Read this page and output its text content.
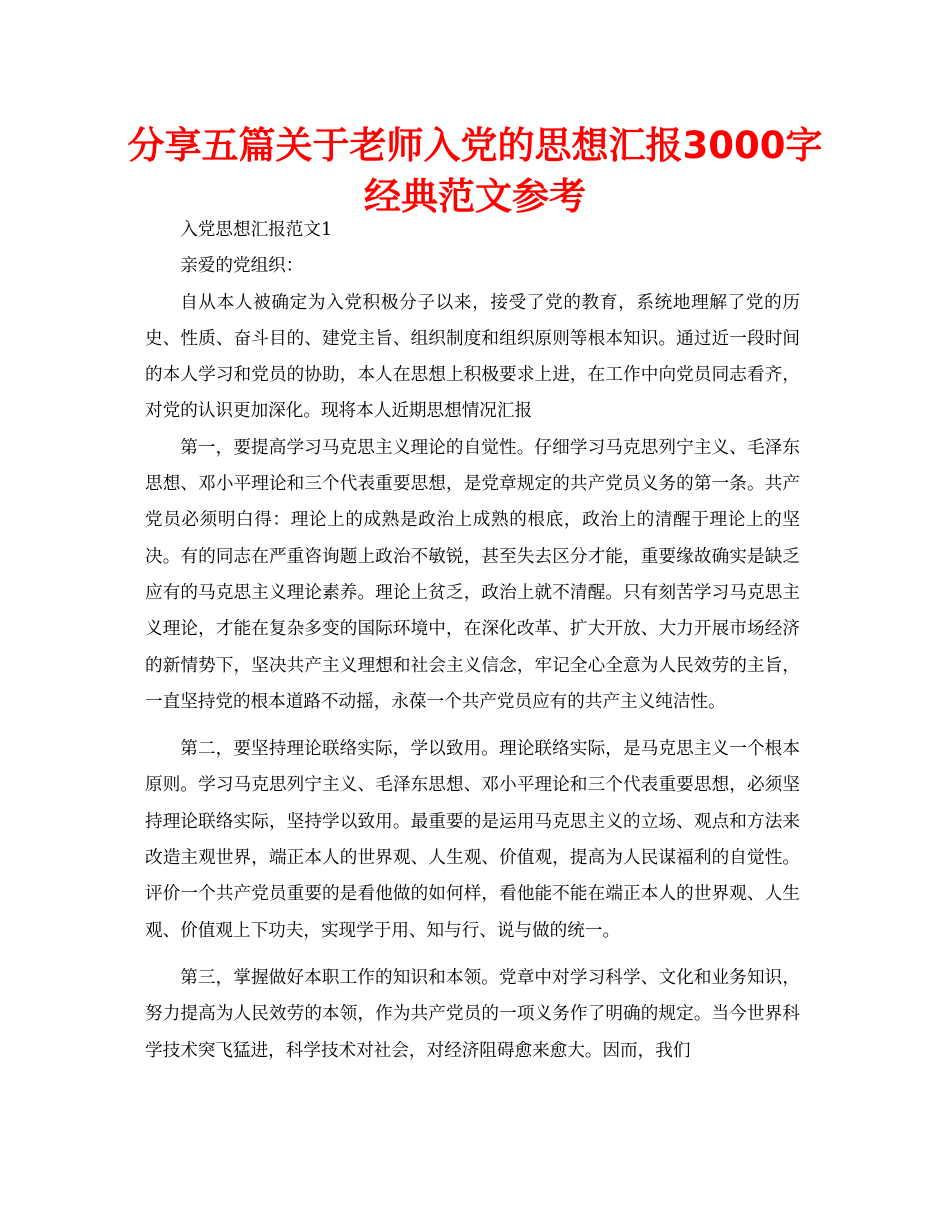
分享五篇关于老师入党的思想汇报3000字经典范文参考

入党思想汇报范文1

亲爱的党组织：

自从本人被确定为入党积极分子以来，接受了党的教育，系统地理解了党的历史、性质、奋斗目的、建党主旨、组织制度和组织原则等根本知识。通过近一段时间的本人学习和党员的协助，本人在思想上积极要求上进，在工作中向党员同志看齐，对党的认识更加深化。现将本人近期思想情况汇报

第一，要提高学习马克思主义理论的自觉性。仔细学习马克思列宁主义、毛泽东思想、邓小平理论和三个代表重要思想，是党章规定的共产党员义务的第一条。共产党员必须明白得：理论上的成熟是政治上成熟的根底，政治上的清醒于理论上的坚决。有的同志在严重咨询题上政治不敏锐，甚至失去区分才能，重要缘故确实是缺乏应有的马克思主义理论素养。理论上贫乏，政治上就不清醒。只有刻苦学习马克思主义理论，才能在复杂多变的国际环境中，在深化改革、扩大开放、大力开展市场经济的新情势下，坚决共产主义理想和社会主义信念，牢记全心全意为人民效劳的主旨，一直坚持党的根本道路不动摇，永葆一个共产党员应有的共产主义纯洁性。

第二，要坚持理论联络实际，学以致用。理论联络实际，是马克思主义一个根本原则。学习马克思列宁主义、毛泽东思想、邓小平理论和三个代表重要思想，必须坚持理论联络实际，坚持学以致用。最重要的是运用马克思主义的立场、观点和方法来改造主观世界，端正本人的世界观、人生观、价值观，提高为人民谋福利的自觉性。评价一个共产党员重要的是看他做的如何样，看他能不能在端正本人的世界观、人生观、价值观上下功夫，实现学于用、知与行、说与做的统一。

第三，掌握做好本职工作的知识和本领。党章中对学习科学、文化和业务知识，努力提高为人民效劳的本领，作为共产党员的一项义务作了明确的规定。当今世界科学技术突飞猛进，科学技术对社会，对经济阻碍愈来愈大。因而，我们
